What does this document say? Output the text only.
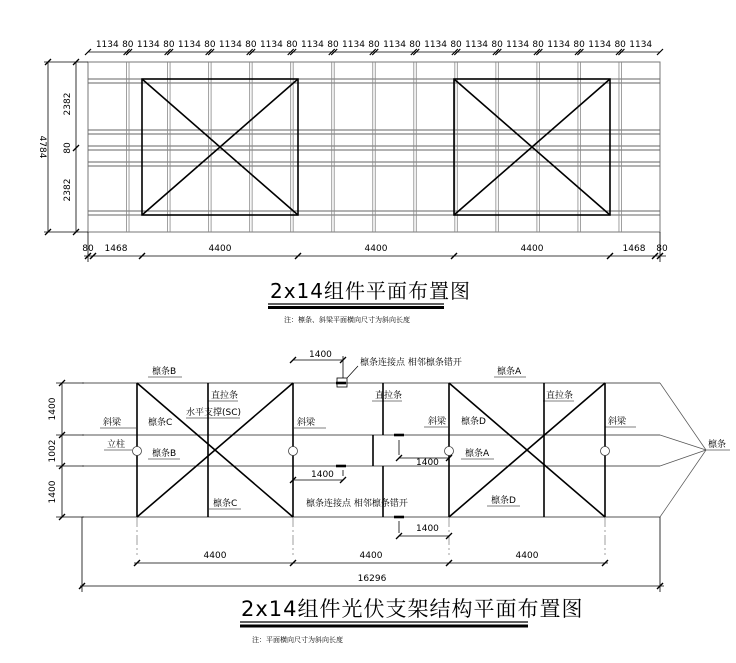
1134 80 1134 80 1134 80 1134 80 1134 80 1134 80 1134 80 1134 80 1134 80 1134 80 1134 80 1134 80 1134 80 1134
4784
2382
80
2382
80 1468	4400	4400	4400	1468 80
2x14组件平面布置图
注：檩条、斜梁平面横向尺寸为斜向长度
1400
1002
1400
檩条B
直拉条
檩条C
水平支撑(SC)
斜梁	斜梁
立柱
檩条B
檩条C
1400
檩条连接点 相邻檩条错开
直拉条
1400
1400
檩条连接点 相邻檩条错开
1400
檩条A
直拉条
斜梁 檩条D	斜梁
檩条A
檩条D
檩条
4400	4400	4400
16296
2x14组件光伏支架结构平面布置图
注：平面横向尺寸为斜向长度
